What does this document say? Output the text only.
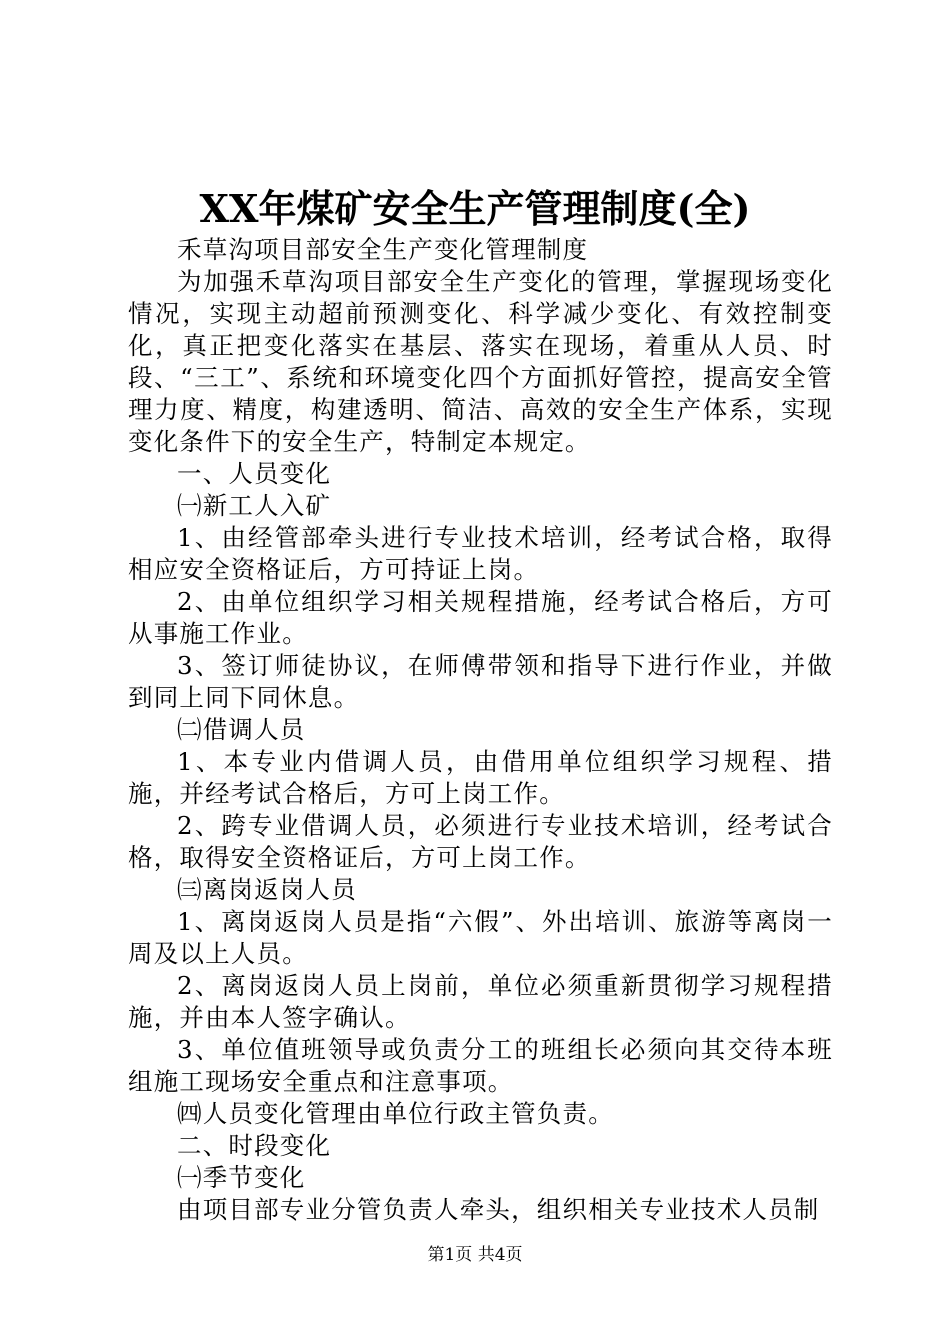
XX年煤矿安全生产管理制度(全)

禾草沟项目部安全生产变化管理制度

为加强禾草沟项目部安全生产变化的管理，掌握现场变化情况，实现主动超前预测变化、科学减少变化、有效控制变化，真正把变化落实在基层、落实在现场，着重从人员、时段、“三工”、系统和环境变化四个方面抓好管控，提高安全管理力度、精度，构建透明、简洁、高效的安全生产体系，实现变化条件下的安全生产，特制定本规定。

一、人员变化

㈠新工人入矿

1、由经管部牵头进行专业技术培训，经考试合格，取得相应安全资格证后，方可持证上岗。

2、由单位组织学习相关规程措施，经考试合格后，方可从事施工作业。

3、签订师徒协议，在师傅带领和指导下进行作业，并做到同上同下同休息。

㈡借调人员

1、本专业内借调人员，由借用单位组织学习规程、措施，并经考试合格后，方可上岗工作。

2、跨专业借调人员，必须进行专业技术培训，经考试合格，取得安全资格证后，方可上岗工作。

㈢离岗返岗人员

1、离岗返岗人员是指“六假”、外出培训、旅游等离岗一周及以上人员。

2、离岗返岗人员上岗前，单位必须重新贯彻学习规程措施，并由本人签字确认。

3、单位值班领导或负责分工的班组长必须向其交待本班组施工现场安全重点和注意事项。

㈣人员变化管理由单位行政主管负责。

二、时段变化

㈠季节变化

由项目部专业分管负责人牵头，组织相关专业技术人员制

第1页 共4页
